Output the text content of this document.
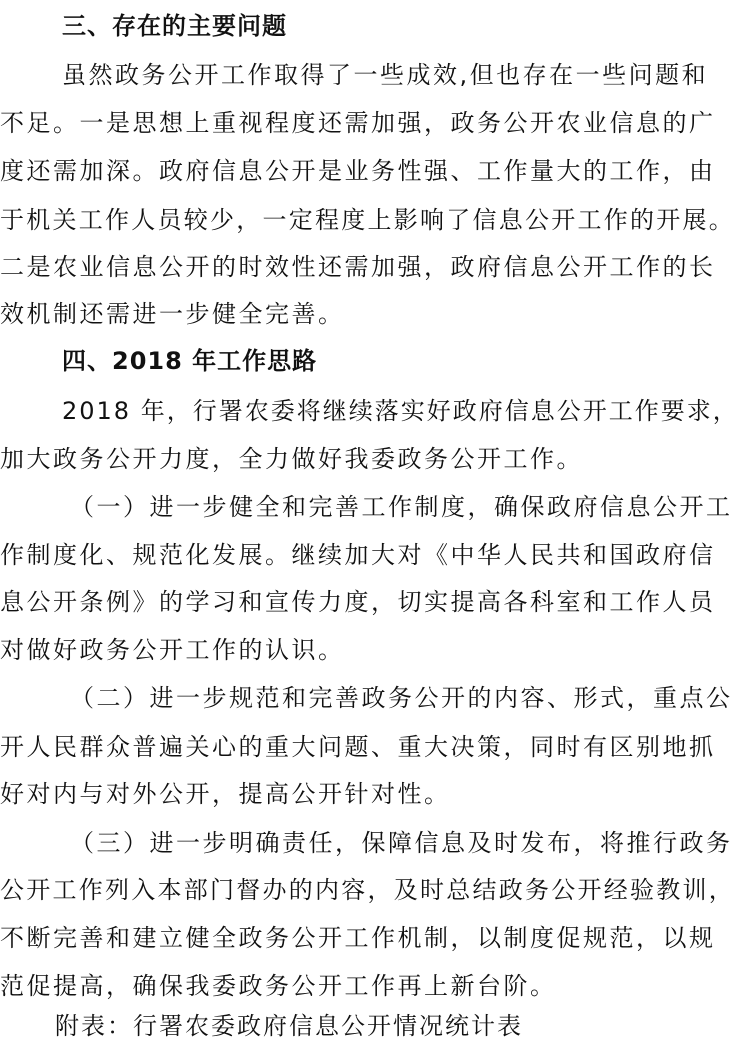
三、存在的主要问题
虽然政务公开工作取得了一些成效,但也存在一些问题和
不足。一是思想上重视程度还需加强，政务公开农业信息的广
度还需加深。政府信息公开是业务性强、工作量大的工作，由
于机关工作人员较少，一定程度上影响了信息公开工作的开展。
二是农业信息公开的时效性还需加强，政府信息公开工作的长
效机制还需进一步健全完善。
四、2018 年工作思路
2018 年，行署农委将继续落实好政府信息公开工作要求，
加大政务公开力度，全力做好我委政务公开工作。
（一）进一步健全和完善工作制度，确保政府信息公开工
作制度化、规范化发展。继续加大对《中华人民共和国政府信
息公开条例》的学习和宣传力度，切实提高各科室和工作人员
对做好政务公开工作的认识。
（二）进一步规范和完善政务公开的内容、形式，重点公
开人民群众普遍关心的重大问题、重大决策，同时有区别地抓
好对内与对外公开，提高公开针对性。
（三）进一步明确责任，保障信息及时发布，将推行政务
公开工作列入本部门督办的内容，及时总结政务公开经验教训，
不断完善和建立健全政务公开工作机制，以制度促规范，以规
范促提高，确保我委政务公开工作再上新台阶。
附表：行署农委政府信息公开情况统计表
